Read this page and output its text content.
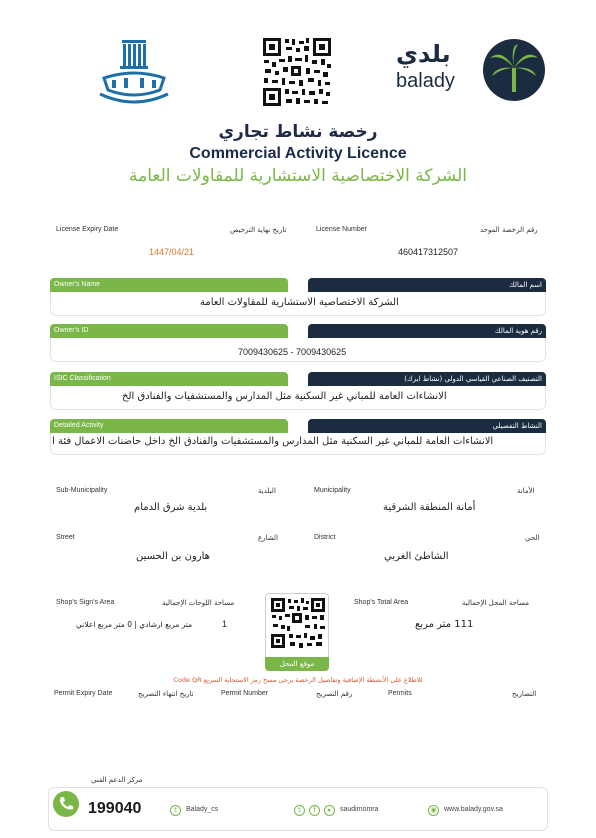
بلدي
balady
رخصة نشاط تجاري
Commercial Activity Licence
الشركة الاختصاصية الاستشارية للمقاولات العامة
License Expiry Date	تاريخ نهاية الترخيص
1447/04/21
License Number	رقم الرخصة الموحد
460417312507
Owner's Name	اسم المالك
الشركة الاختصاصية الاستشارية للمقاولات العامة
Owner's ID	رقم هوية المالك
7009430625 - 7009430625
ISIC Classification	التصنيف الصناعي القياسي الدولي (نشاط ايزك)
الانشاءات العامة للمباني غير السكنية مثل المدارس والمستشفيات والفنادق الخ
Detailed Activity	النشاط التفصيلي
الانشاءات العامة للمباني غير السكنية مثل المدارس والمستشفيات والفنادق الخ داخل حاضنات الاعمال فئة أ
Sub-Municipality	البلدية
بلدية شرق الدمام
Municipality	الأمانة
أمانة المنطقة الشرقية
Street	الشارع
هارون بن الحسين
District	الحي
الشاطئ الغربي
Shop's Sign's Area	مساحة اللوحات الإجمالية
1
متر مربع ارشادي | 0 متر مربع اعلاني
Shop's Total Area	مساحة المحل الإجمالية
111 متر مربع
موقع المحل
للاطلاع على الأنشطة الإضافية وتفاصيل الرخصة يرجى مسح رمز الاستجابة السريع Code QR
Permit Expiry Date	تاريخ انتهاء التصريح	Permit Number	رقم التصريح	Permits	التصاريح
مركز الدعم الفني
199040	t	Balady_cs	t	f	▸	saudimomra	◉	www.balady.gov.sa
